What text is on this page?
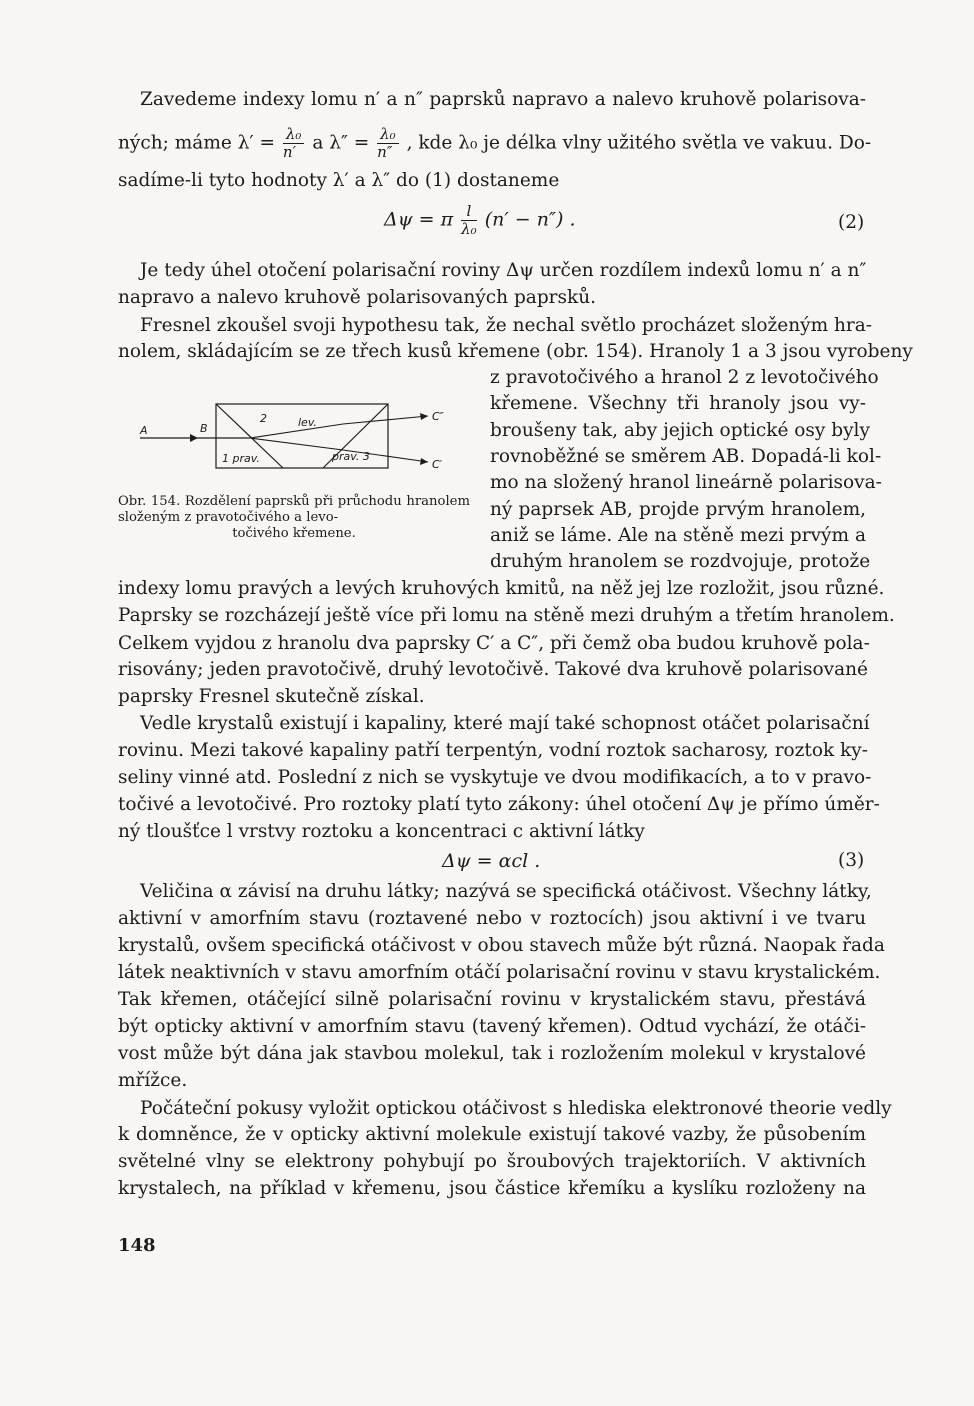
Zavedeme indexy lomu n′ a n″ paprsků napravo a nalevo kruhově polarisova-
ných; máme $\lambda' = \frac{\text{λ₀}}{n'}$ a $\lambda'' = \frac{\text{λ₀}}{n''}$ , kde λ₀ je délka vlny užitého světla ve vakuu. Do-
sadíme-li tyto hodnoty λ′ a λ″ do (1) dostaneme
Δψ = π $\frac{l}{\text{λ₀}} (n' - n'')$ .	(2)
Je tedy úhel otočení polarisační roviny Δψ určen rozdílem indexů lomu n′ a n″
napravo a nalevo kruhově polarisovaných paprsků.
Fresnel zkoušel svoji hypothesu tak, že nechal světlo procházet složeným hra-
nolem, skládajícím se ze třech kusů křemene (obr. 154). Hranoly 1 a 3 jsou vyrobeny
z pravotočivého a hranol 2 z levotočivého
křemene. Všechny tři hranoly jsou vy-
broušeny tak, aby jejich optické osy byly
rovnoběžné se směrem AB. Dopadá-li kol-
mo na složený hranol lineárně polarisova-
ný paprsek AB, projde prvým hranolem,
aniž se láme. Ale na stěně mezi prvým a
druhým hranolem se rozdvojuje, protože
indexy lomu pravých a levých kruhových kmitů, na něž jej lze rozložit, jsou různé.
Paprsky se rozcházejí ještě více při lomu na stěně mezi druhým a třetím hranolem.
Celkem vyjdou z hranolu dva paprsky C′ a C″, při čemž oba budou kruhově pola-
risovány; jeden pravotočivě, druhý levotočivě. Takové dva kruhově polarisované
paprsky Fresnel skutečně získal.
A	B
C″
C′
1 prav.
2	lev.
prav. 3
Obr. 154. Rozdělení paprsků při průchodu hranolem složeným z pravotočivého a levo-
točivého křemene.
Vedle krystalů existují i kapaliny, které mají také schopnost otáčet polarisační
rovinu. Mezi takové kapaliny patří terpentýn, vodní roztok sacharosy, roztok ky-
seliny vinné atd. Poslední z nich se vyskytuje ve dvou modifikacích, a to v pravo-
točivé a levotočivé. Pro roztoky platí tyto zákony: úhel otočení Δψ je přímo úměr-
ný tloušťce l vrstvy roztoku a koncentraci c aktivní látky
Δψ = αcl .	(3)
Veličina α závisí na druhu látky; nazývá se specifická otáčivost. Všechny látky,
aktivní v amorfním stavu (roztavené nebo v roztocích) jsou aktivní i ve tvaru
krystalů, ovšem specifická otáčivost v obou stavech může být různá. Naopak řada
látek neaktivních v stavu amorfním otáčí polarisační rovinu v stavu krystalickém.
Tak křemen, otáčející silně polarisační rovinu v krystalickém stavu, přestává
být opticky aktivní v amorfním stavu (tavený křemen). Odtud vychází, že otáči-
vost může být dána jak stavbou molekul, tak i rozložením molekul v krystalové
mřížce.
Počáteční pokusy vyložit optickou otáčivost s hlediska elektronové theorie vedly
k domněnce, že v opticky aktivní molekule existují takové vazby, že působením
světelné vlny se elektrony pohybují po šroubových trajektoriích. V aktivních
krystalech, na příklad v křemenu, jsou částice křemíku a kyslíku rozloženy na
148
